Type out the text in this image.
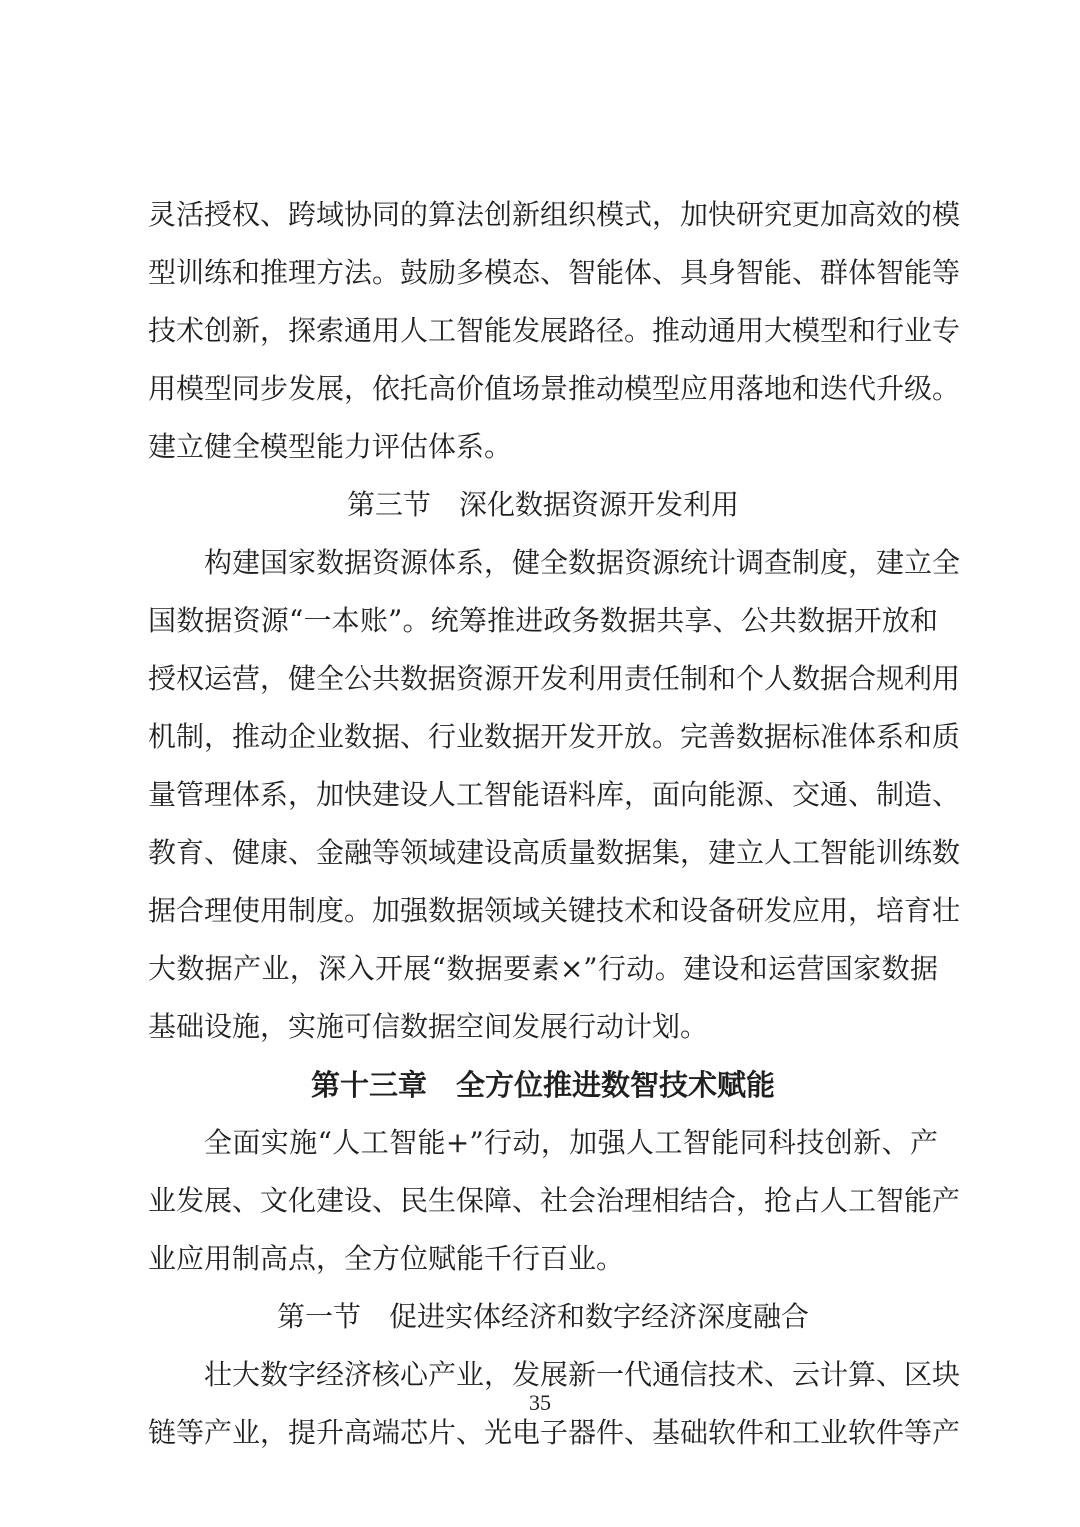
灵活授权、跨域协同的算法创新组织模式，加快研究更加高效的模
型训练和推理方法。鼓励多模态、智能体、具身智能、群体智能等
技术创新，探索通用人工智能发展路径。推动通用大模型和行业专
用模型同步发展，依托高价值场景推动模型应用落地和迭代升级。
建立健全模型能力评估体系。
第三节　深化数据资源开发利用
构建国家数据资源体系，健全数据资源统计调查制度，建立全
国数据资源“一本账”。统筹推进政务数据共享、公共数据开放和
授权运营，健全公共数据资源开发利用责任制和个人数据合规利用
机制，推动企业数据、行业数据开发开放。完善数据标准体系和质
量管理体系，加快建设人工智能语料库，面向能源、交通、制造、
教育、健康、金融等领域建设高质量数据集，建立人工智能训练数
据合理使用制度。加强数据领域关键技术和设备研发应用，培育壮
大数据产业，深入开展“数据要素×”行动。建设和运营国家数据
基础设施，实施可信数据空间发展行动计划。
第十三章　全方位推进数智技术赋能
全面实施“人工智能+”行动，加强人工智能同科技创新、产
业发展、文化建设、民生保障、社会治理相结合，抢占人工智能产
业应用制高点，全方位赋能千行百业。
第一节　促进实体经济和数字经济深度融合
壮大数字经济核心产业，发展新一代通信技术、云计算、区块
链等产业，提升高端芯片、光电子器件、基础软件和工业软件等产
35
